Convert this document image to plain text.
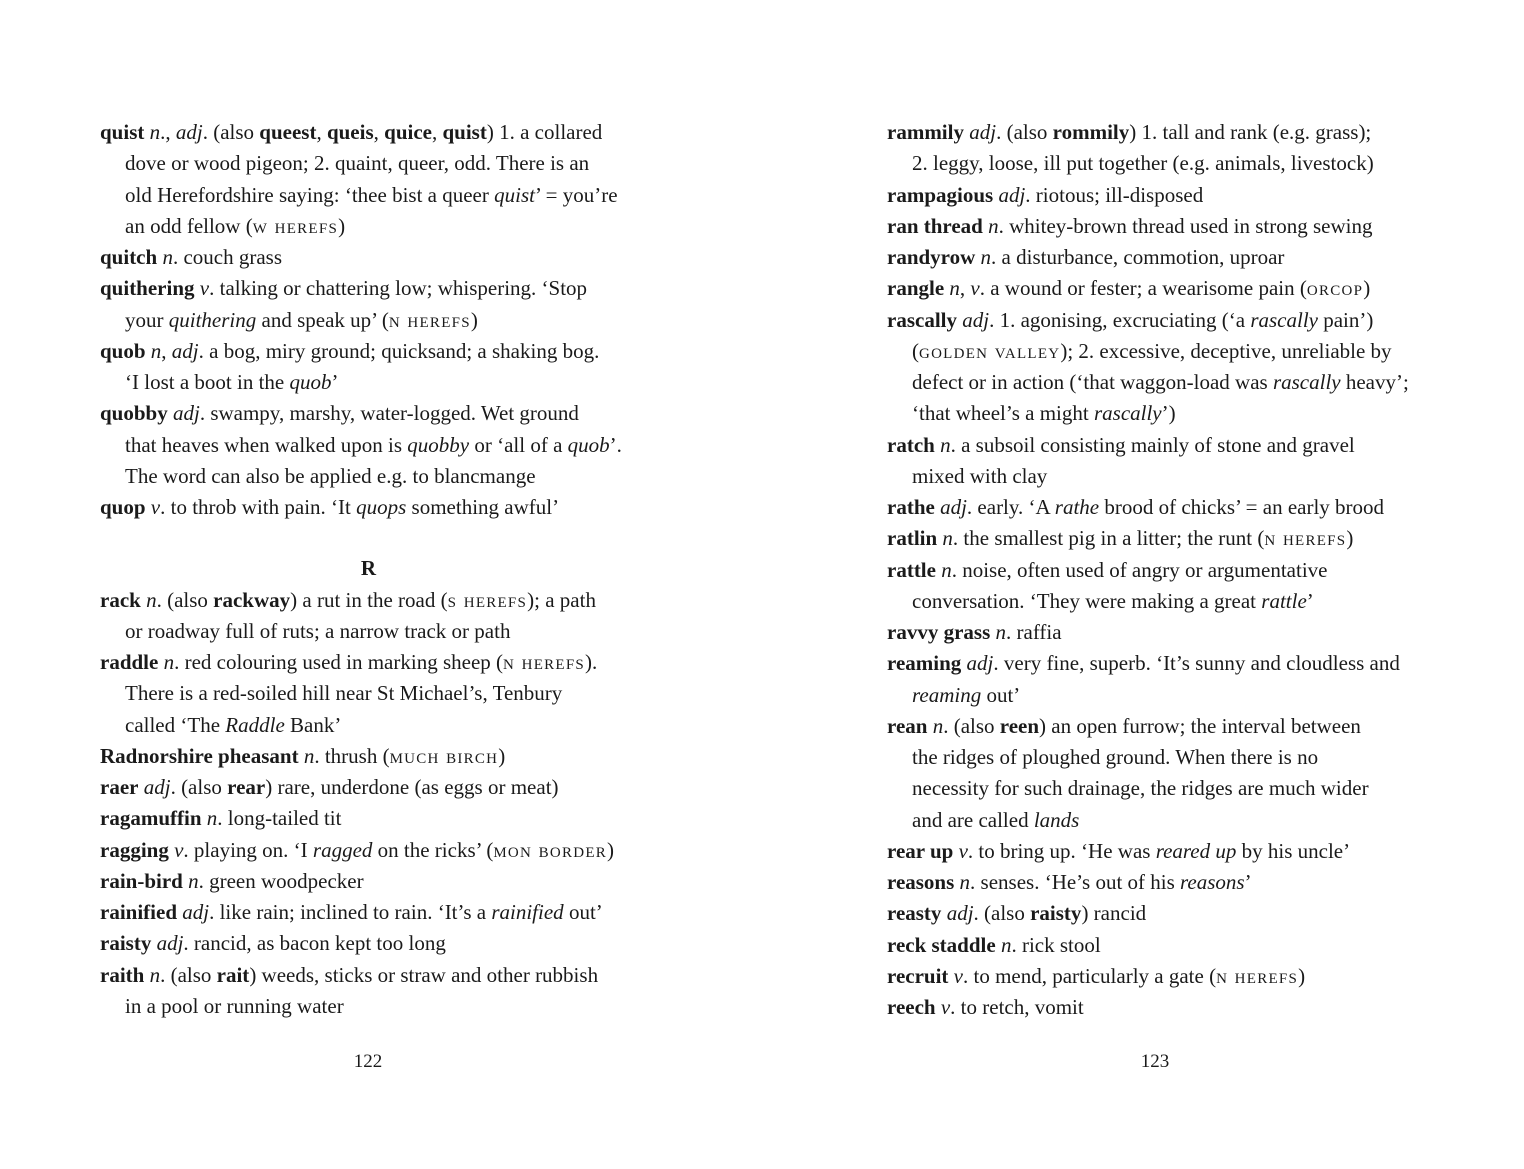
quist n., adj. (also queest, queis, quice, quist) 1. a collared
dove or wood pigeon; 2. quaint, queer, odd. There is an
old Herefordshire saying: ‘thee bist a queer quist’ = you’re
an odd fellow (w herefs)

quitch n. couch grass

quithering v. talking or chattering low; whispering. ‘Stop
your quithering and speak up’ (n herefs)

quob n, adj. a bog, miry ground; quicksand; a shaking bog.
‘I lost a boot in the quob’

quobby adj. swampy, marshy, water-logged. Wet ground
that heaves when walked upon is quobby or ‘all of a quob’.
The word can also be applied e.g. to blancmange

quop v. to throb with pain. ‘It quops something awful’

R

rack n. (also rackway) a rut in the road (s herefs); a path
or roadway full of ruts; a narrow track or path

raddle n. red colouring used in marking sheep (n herefs).
There is a red-soiled hill near St Michael’s, Tenbury
called ‘The Raddle Bank’

Radnorshire pheasant n. thrush (much birch)

raer adj. (also rear) rare, underdone (as eggs or meat)

ragamuffin n. long-tailed tit

ragging v. playing on. ‘I ragged on the ricks’ (mon border)

rain-bird n. green woodpecker

rainified adj. like rain; inclined to rain. ‘It’s a rainified out’

raisty adj. rancid, as bacon kept too long

raith n. (also rait) weeds, sticks or straw and other rubbish
in a pool or running water

122

rammily adj. (also rommily) 1. tall and rank (e.g. grass);
2. leggy, loose, ill put together (e.g. animals, livestock)

rampagious adj. riotous; ill-disposed

ran thread n. whitey-brown thread used in strong sewing

randyrow n. a disturbance, commotion, uproar

rangle n, v. a wound or fester; a wearisome pain (orcop)

rascally adj. 1. agonising, excruciating (‘a rascally pain’)
(golden valley); 2. excessive, deceptive, unreliable by
defect or in action (‘that waggon-load was rascally heavy’;
‘that wheel’s a might rascally’)

ratch n. a subsoil consisting mainly of stone and gravel
mixed with clay

rathe adj. early. ‘A rathe brood of chicks’ = an early brood

ratlin n. the smallest pig in a litter; the runt (n herefs)

rattle n. noise, often used of angry or argumentative
conversation. ‘They were making a great rattle’

ravvy grass n. raffia

reaming adj. very fine, superb. ‘It’s sunny and cloudless and
reaming out’

rean n. (also reen) an open furrow; the interval between
the ridges of ploughed ground. When there is no
necessity for such drainage, the ridges are much wider
and are called lands

rear up v. to bring up. ‘He was reared up by his uncle’

reasons n. senses. ‘He’s out of his reasons’

reasty adj. (also raisty) rancid

reck staddle n. rick stool

recruit v. to mend, particularly a gate (n herefs)

reech v. to retch, vomit

123
